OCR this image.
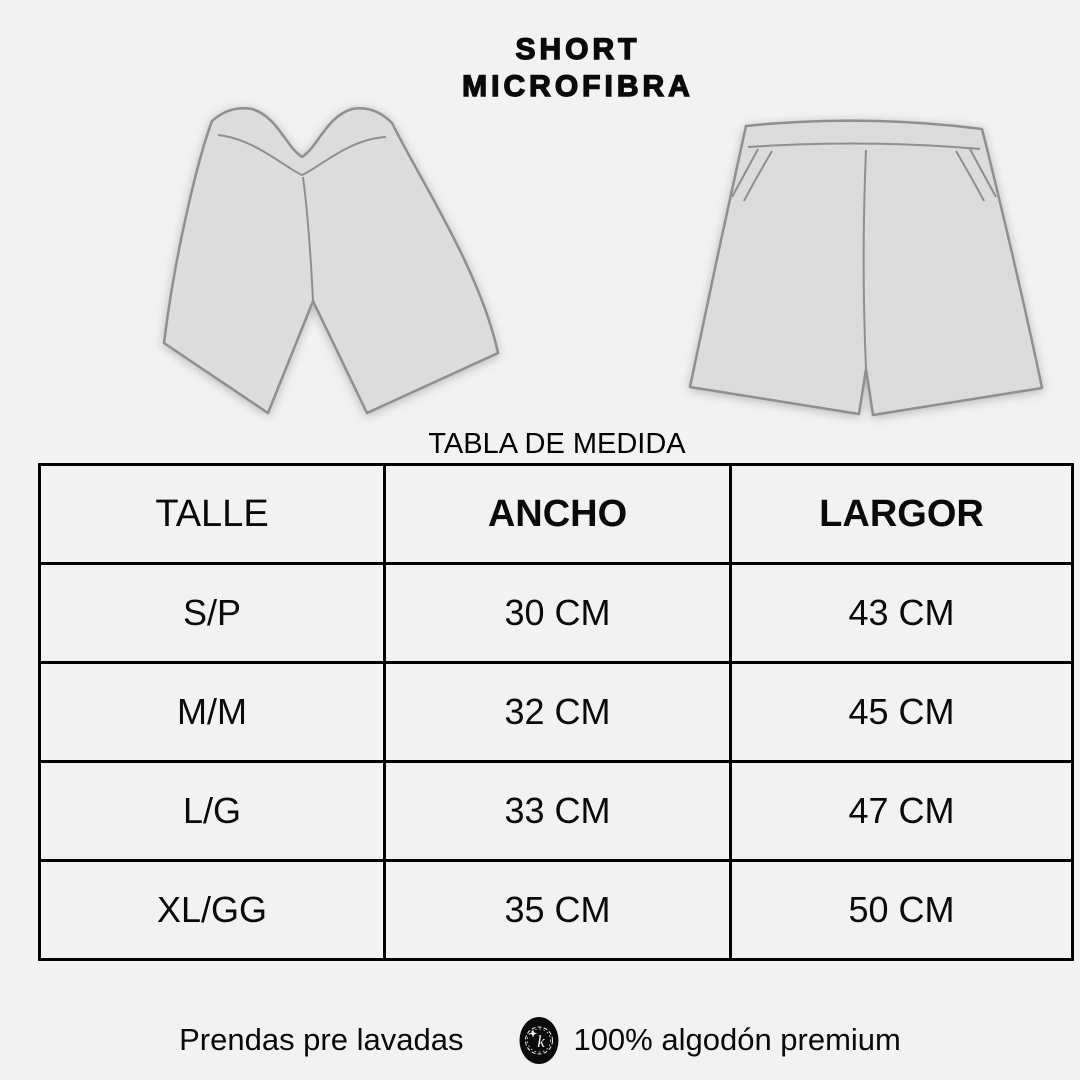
SHORT
MICROFIBRA
TABLA DE MEDIDA
TALLE	ANCHO	LARGOR
S/P	30 CM	43 CM
M/M	32 CM	45 CM
L/G	33 CM	47 CM
XL/GG	35 CM	50 CM
Prendas pre lavadas	k 100% algodón premium
